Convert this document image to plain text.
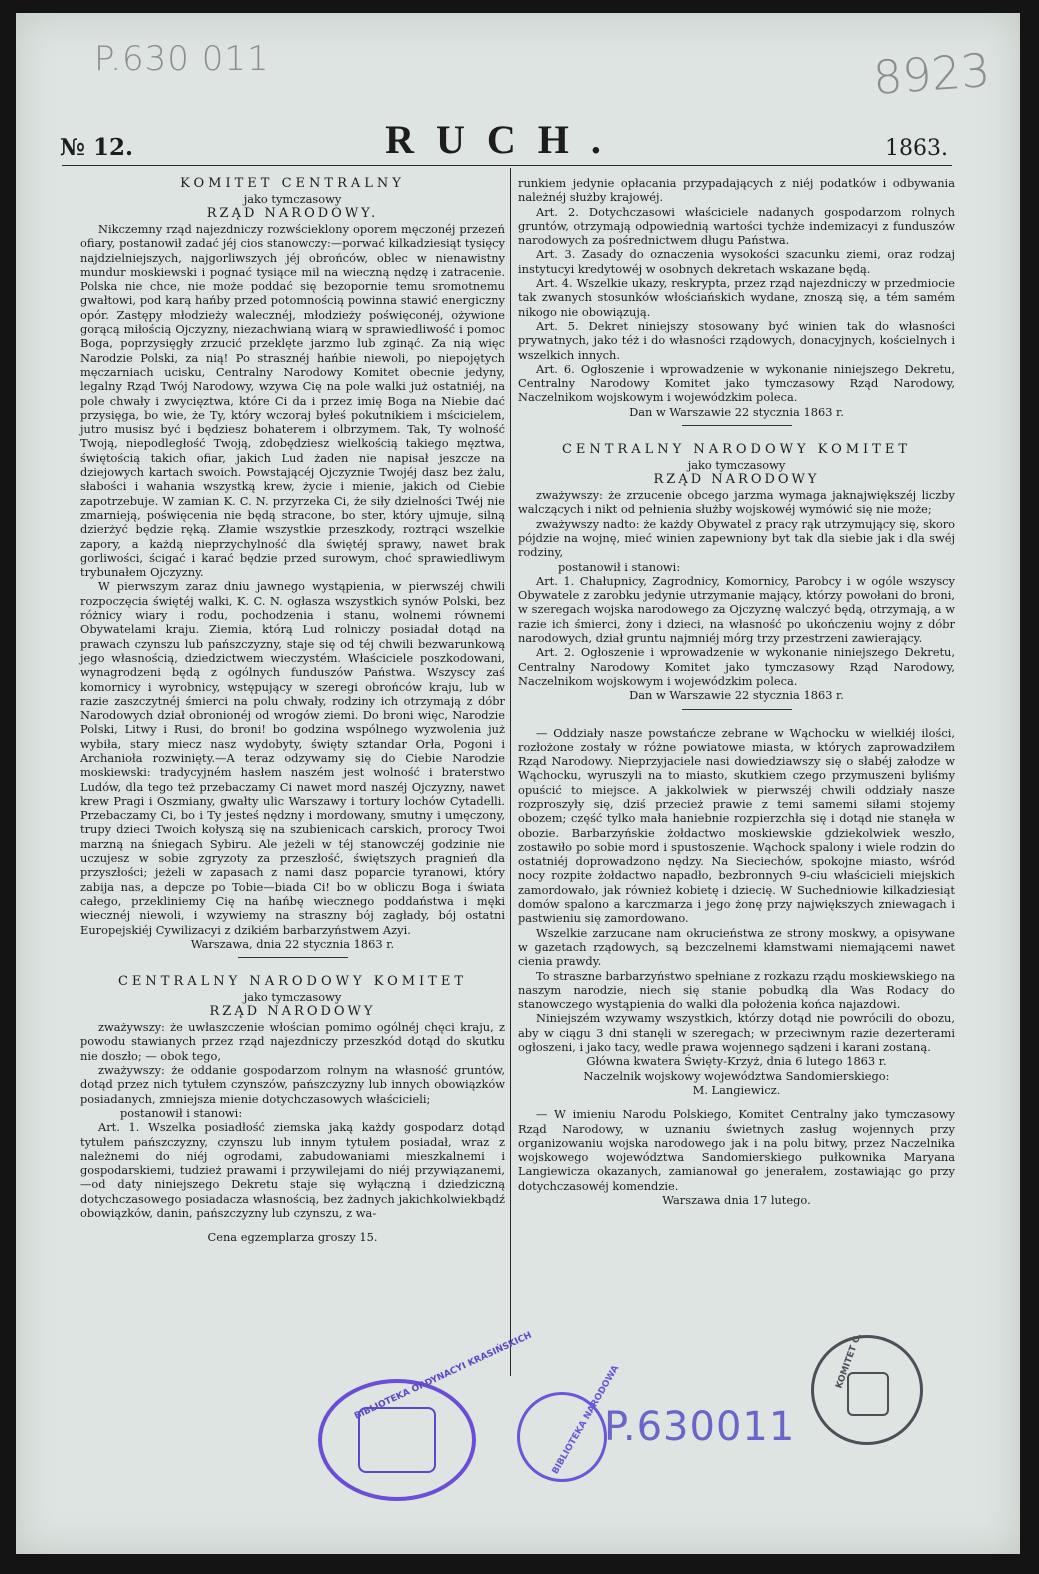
P.630 011	8923
№ 12.	RUCH.	1863.
KOMITET CENTRALNY
jako tymczasowy
RZĄD NARODOWY.

Nikczemny rząd najezdniczy rozwścieklony oporem męczonéj przezeń ofiary, postanowił zadać jéj cios stanowczy:—porwać kilkadziesiąt tysięcy najdzielniejszych, najgorliwszych jéj obrońców, oblec w nienawistny mundur moskiewski i pognać tysiące mil na wieczną nędzę i zatracenie. Polska nie chce, nie może poddać się bezopornie temu sromotnemu gwałtowi, pod karą hańby przed potomnością powinna stawić energiczny opór. Zastępy młodzieży walecznéj, młodzieży poświęconéj, ożywione gorącą miłością Ojczyzny, niezachwianą wiarą w sprawiedliwość i pomoc Boga, poprzysięgły zrzucić przeklęte jarzmo lub zginąć. Za nią więc Narodzie Polski, za nią! Po strasznéj hańbie niewoli, po niepojętych męczarniach ucisku, Centralny Narodowy Komitet obecnie jedyny, legalny Rząd Twój Narodowy, wzywa Cię na pole walki już ostatniéj, na pole chwały i zwycięztwa, które Ci da i przez imię Boga na Niebie dać przysięga, bo wie, że Ty, który wczoraj byłeś pokutnikiem i mścicielem, jutro musisz być i będziesz bohaterem i olbrzymem. Tak, Ty wolność Twoją, niepodległość Twoją, zdobędziesz wielkością takiego męztwa, świętością takich ofiar, jakich Lud żaden nie napisał jeszcze na dziejowych kartach swoich. Powstającéj Ojczyznie Twojéj dasz bez żalu, słabości i wahania wszystką krew, życie i mienie, jakich od Ciebie zapotrzebuje. W zamian K. C. N. przyrzeka Ci, że siły dzielności Twéj nie zmarnieją, poświęcenia nie będą stracone, bo ster, który ujmuje, silną dzierżyć będzie ręką. Złamie wszystkie przeszkody, roztrąci wszelkie zapory, a każdą nieprzychylność dla świętéj sprawy, nawet brak gorliwości, ścigać i karać będzie przed surowym, choć sprawiedliwym trybunałem Ojczyzny.

W pierwszym zaraz dniu jawnego wystąpienia, w pierwszéj chwili rozpoczęcia świętéj walki, K. C. N. ogłasza wszystkich synów Polski, bez różnicy wiary i rodu, pochodzenia i stanu, wolnemi równemi Obywatelami kraju. Ziemia, którą Lud rolniczy posiadał dotąd na prawach czynszu lub pańszczyzny, staje się od téj chwili bezwarunkową jego własnością, dziedzictwem wieczystém. Właściciele poszkodowani, wynagrodzeni będą z ogólnych funduszów Państwa. Wszyscy zaś komornicy i wyrobnicy, wstępujący w szeregi obrońców kraju, lub w razie zaszczytnéj śmierci na polu chwały, rodziny ich otrzymają z dóbr Narodowych dział obronionéj od wrogów ziemi. Do broni więc, Narodzie Polski, Litwy i Rusi, do broni! bo godzina wspólnego wyzwolenia już wybiła, stary miecz nasz wydobyty, święty sztandar Orła, Pogoni i Archanioła rozwinięty.—A teraz odzywamy się do Ciebie Narodzie moskiewski: tradycyjném hasłem naszém jest wolność i braterstwo Ludów, dla tego też przebaczamy Ci nawet mord naszéj Ojczyzny, nawet krew Pragi i Oszmiany, gwałty ulic Warszawy i tortury lochów Cytadelli. Przebaczamy Ci, bo i Ty jesteś nędzny i mordowany, smutny i umęczony, trupy dzieci Twoich kołyszą się na szubienicach carskich, prorocy Twoi marzną na śniegach Sybiru. Ale jeżeli w téj stanowczéj godzinie nie uczujesz w sobie zgryzoty za przeszłość, świętszych pragnień dla przyszłości; jeżeli w zapasach z nami dasz poparcie tyranowi, który zabija nas, a depcze po Tobie—biada Ci! bo w obliczu Boga i świata całego, przekliniemy Cię na hańbę wiecznego poddaństwa i męki wiecznéj niewoli, i wzywiemy na straszny bój zagłady, bój ostatni Europejskiéj Cywilizacyi z dzikiém barbarzyństwem Azyi.

Warszawa, dnia 22 stycznia 1863 r.

CENTRALNY NARODOWY KOMITET
jako tymczasowy
RZĄD NARODOWY

zważywszy: że uwłaszczenie włościan pomimo ogólnéj chęci kraju, z powodu stawianych przez rząd najezdniczy przeszkód dotąd do skutku nie doszło; — obok tego,

zważywszy: że oddanie gospodarzom rolnym na własność gruntów, dotąd przez nich tytułem czynszów, pańszczyzny lub innych obowiązków posiadanych, zmniejsza mienie dotychczasowych właścicieli;

postanowił i stanowi:

Art. 1. Wszelka posiadłość ziemska jaką każdy gospodarz dotąd tytułem pańszczyzny, czynszu lub innym tytułem posiadał, wraz z należnemi do niéj ogrodami, zabudowaniami mieszkalnemi i gospodarskiemi, tudzież prawami i przywilejami do niéj przywiązanemi,—od daty niniejszego Dekretu staje się wyłączną i dziedziczną dotychczasowego posiadacza własnością, bez żadnych jakichkolwiekbądź obowiązków, danin, pańszczyzny lub czynszu, z wa-

Cena egzemplarza groszy 15.

runkiem jedynie opłacania przypadających z niéj podatków i odbywania należnéj służby krajowéj.

Art. 2. Dotychczasowi właściciele nadanych gospodarzom rolnych gruntów, otrzymają odpowiednią wartości tychże indemizacyi z funduszów narodowych za pośrednictwem długu Państwa.

Art. 3. Zasady do oznaczenia wysokości szacunku ziemi, oraz rodzaj instytucyi kredytowéj w osobnych dekretach wskazane będą.

Art. 4. Wszelkie ukazy, reskrypta, przez rząd najezdniczy w przedmiocie tak zwanych stosunków włościańskich wydane, znoszą się, a tém samém nikogo nie obowiązują.

Art. 5. Dekret niniejszy stosowany być winien tak do własności prywatnych, jako téż i do własności rządowych, donacyjnych, kościelnych i wszelkich innych.

Art. 6. Ogłoszenie i wprowadzenie w wykonanie niniejszego Dekretu, Centralny Narodowy Komitet jako tymczasowy Rząd Narodowy, Naczelnikom wojskowym i wojewódzkim poleca.

Dan w Warszawie 22 stycznia 1863 r.

CENTRALNY NARODOWY KOMITET
jako tymczasowy
RZĄD NARODOWY

zważywszy: że zrzucenie obcego jarzma wymaga jaknajwiększéj liczby walczących i nikt od pełnienia służby wojskowéj wymówić się nie może;

zważywszy nadto: że każdy Obywatel z pracy rąk utrzymujący się, skoro pójdzie na wojnę, mieć winien zapewniony byt tak dla siebie jak i dla swéj rodziny,

postanowił i stanowi:

Art. 1. Chałupnicy, Zagrodnicy, Komornicy, Parobcy i w ogóle wszyscy Obywatele z zarobku jedynie utrzymanie mający, którzy powołani do broni, w szeregach wojska narodowego za Ojczyznę walczyć będą, otrzymają, a w razie ich śmierci, żony i dzieci, na własność po ukończeniu wojny z dóbr narodowych, dział gruntu najmniéj mórg trzy przestrzeni zawierający.

Art. 2. Ogłoszenie i wprowadzenie w wykonanie niniejszego Dekretu, Centralny Narodowy Komitet jako tymczasowy Rząd Narodowy, Naczelnikom wojskowym i wojewódzkim poleca.

Dan w Warszawie 22 stycznia 1863 r.

— Oddziały nasze powstańcze zebrane w Wąchocku w wielkiéj ilości, rozłożone zostały w różne powiatowe miasta, w których zaprowadziłem Rząd Narodowy. Nieprzyjaciele nasi dowiedziawszy się o słabéj załodze w Wąchocku, wyruszyli na to miasto, skutkiem czego przymuszeni byliśmy opuścić to miejsce. A jakkolwiek w pierwszéj chwili oddziały nasze rozproszyły się, dziś przecież prawie z temi samemi siłami stojemy obozem; część tylko mała haniebnie rozpierzchła się i dotąd nie stanęła w obozie. Barbarzyńskie żołdactwo moskiewskie gdziekolwiek weszło, zostawiło po sobie mord i spustoszenie. Wąchock spalony i wiele rodzin do ostatniéj doprowadzono nędzy. Na Sieciechów, spokojne miasto, wśród nocy rozpite żołdactwo napadło, bezbronnych 9-ciu właścicieli miejskich zamordowało, jak również kobietę i dziecię. W Suchedniowie kilkadziesiąt domów spalono a karczmarza i jego żonę przy największych zniewagach i pastwieniu się zamordowano.

Wszelkie zarzucane nam okrucieństwa ze strony moskwy, a opisywane w gazetach rządowych, są bezczelnemi kłamstwami niemającemi nawet cienia prawdy.

To straszne barbarzyństwo spełniane z rozkazu rządu moskiewskiego na naszym narodzie, niech się stanie pobudką dla Was Rodacy do stanowczego wystąpienia do walki dla położenia końca najazdowi.

Niniejszém wzywamy wszystkich, którzy dotąd nie powrócili do obozu, aby w ciągu 3 dni stanęli w szeregach; w przeciwnym razie dezerterami ogłoszeni, i jako tacy, wedle prawa wojennego sądzeni i karani zostaną.

Główna kwatera Święty-Krzyż, dnia 6 lutego 1863 r.

Naczelnik wojskowy województwa Sandomierskiego:

M. Langiewicz.

— W imieniu Narodu Polskiego, Komitet Centralny jako tymczasowy Rząd Narodowy, w uznaniu świetnych zasług wojennych przy organizowaniu wojska narodowego jak i na polu bitwy, przez Naczelnika wojskowego województwa Sandomierskiego pułkownika Maryana Langiewicza okazanych, zamianował go jenerałem, zostawiając go przy dotychczasowéj komendzie.

Warszawa dnia 17 lutego.

BIBLIOTEKA ORDYNACYI KRASIŃSKICH BIBLIOTEKA NARODOWA
P.630011
KOMITET C.
